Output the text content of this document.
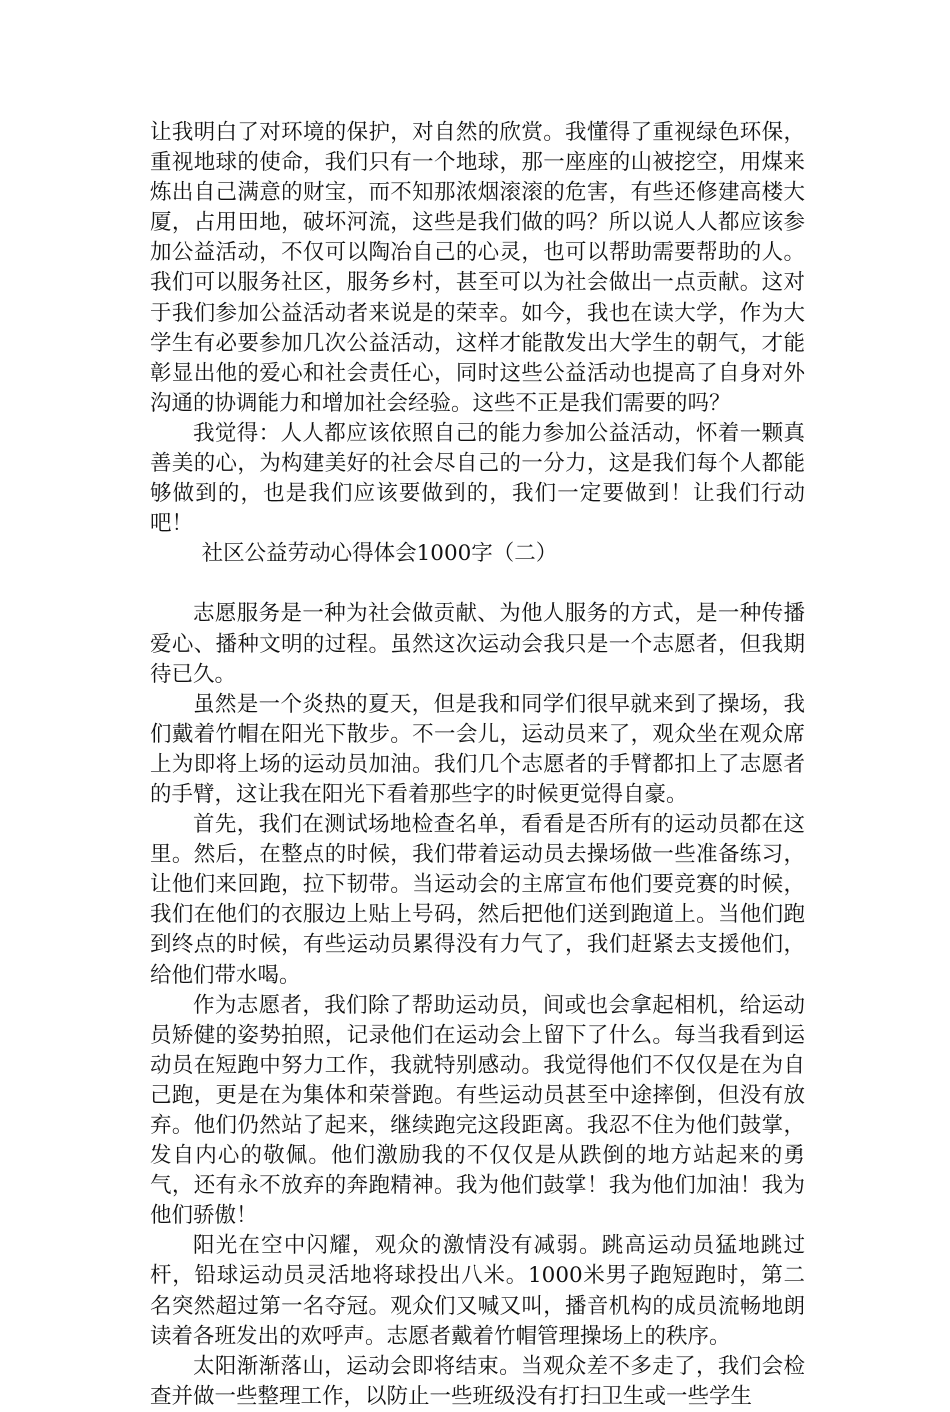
让我明白了对环境的保护，对自然的欣赏。我懂得了重视绿色环保，重视地球的使命，我们只有一个地球，那一座座的山被挖空，用煤来炼出自己满意的财宝，而不知那浓烟滚滚的危害，有些还修建高楼大厦，占用田地，破坏河流，这些是我们做的吗？所以说人人都应该参加公益活动，不仅可以陶冶自己的心灵，也可以帮助需要帮助的人。我们可以服务社区，服务乡村，甚至可以为社会做出一点贡献。这对于我们参加公益活动者来说是的荣幸。如今，我也在读大学，作为大学生有必要参加几次公益活动，这样才能散发出大学生的朝气，才能彰显出他的爱心和社会责任心，同时这些公益活动也提高了自身对外沟通的协调能力和增加社会经验。这些不正是我们需要的吗？

我觉得：人人都应该依照自己的能力参加公益活动，怀着一颗真善美的心，为构建美好的社会尽自己的一分力，这是我们每个人都能够做到的，也是我们应该要做到的，我们一定要做到！让我们行动吧！

社区公益劳动心得体会1000字（二）

志愿服务是一种为社会做贡献、为他人服务的方式，是一种传播爱心、播种文明的过程。虽然这次运动会我只是一个志愿者，但我期待已久。

虽然是一个炎热的夏天，但是我和同学们很早就来到了操场，我们戴着竹帽在阳光下散步。不一会儿，运动员来了，观众坐在观众席上为即将上场的运动员加油。我们几个志愿者的手臂都扣上了志愿者的手臂，这让我在阳光下看着那些字的时候更觉得自豪。

首先，我们在测试场地检查名单，看看是否所有的运动员都在这里。然后，在整点的时候，我们带着运动员去操场做一些准备练习，让他们来回跑，拉下韧带。当运动会的主席宣布他们要竞赛的时候，我们在他们的衣服边上贴上号码，然后把他们送到跑道上。当他们跑到终点的时候，有些运动员累得没有力气了，我们赶紧去支援他们，给他们带水喝。

作为志愿者，我们除了帮助运动员，间或也会拿起相机，给运动员矫健的姿势拍照，记录他们在运动会上留下了什么。每当我看到运动员在短跑中努力工作，我就特别感动。我觉得他们不仅仅是在为自己跑，更是在为集体和荣誉跑。有些运动员甚至中途摔倒，但没有放弃。他们仍然站了起来，继续跑完这段距离。我忍不住为他们鼓掌，发自内心的敬佩。他们激励我的不仅仅是从跌倒的地方站起来的勇气，还有永不放弃的奔跑精神。我为他们鼓掌！我为他们加油！我为他们骄傲！

阳光在空中闪耀，观众的激情没有减弱。跳高运动员猛地跳过杆，铅球运动员灵活地将球投出八米。1000米男子跑短跑时，第二名突然超过第一名夺冠。观众们又喊又叫，播音机构的成员流畅地朗读着各班发出的欢呼声。志愿者戴着竹帽管理操场上的秩序。

太阳渐渐落山，运动会即将结束。当观众差不多走了，我们会检查并做一些整理工作，以防止一些班级没有打扫卫生或一些学生
